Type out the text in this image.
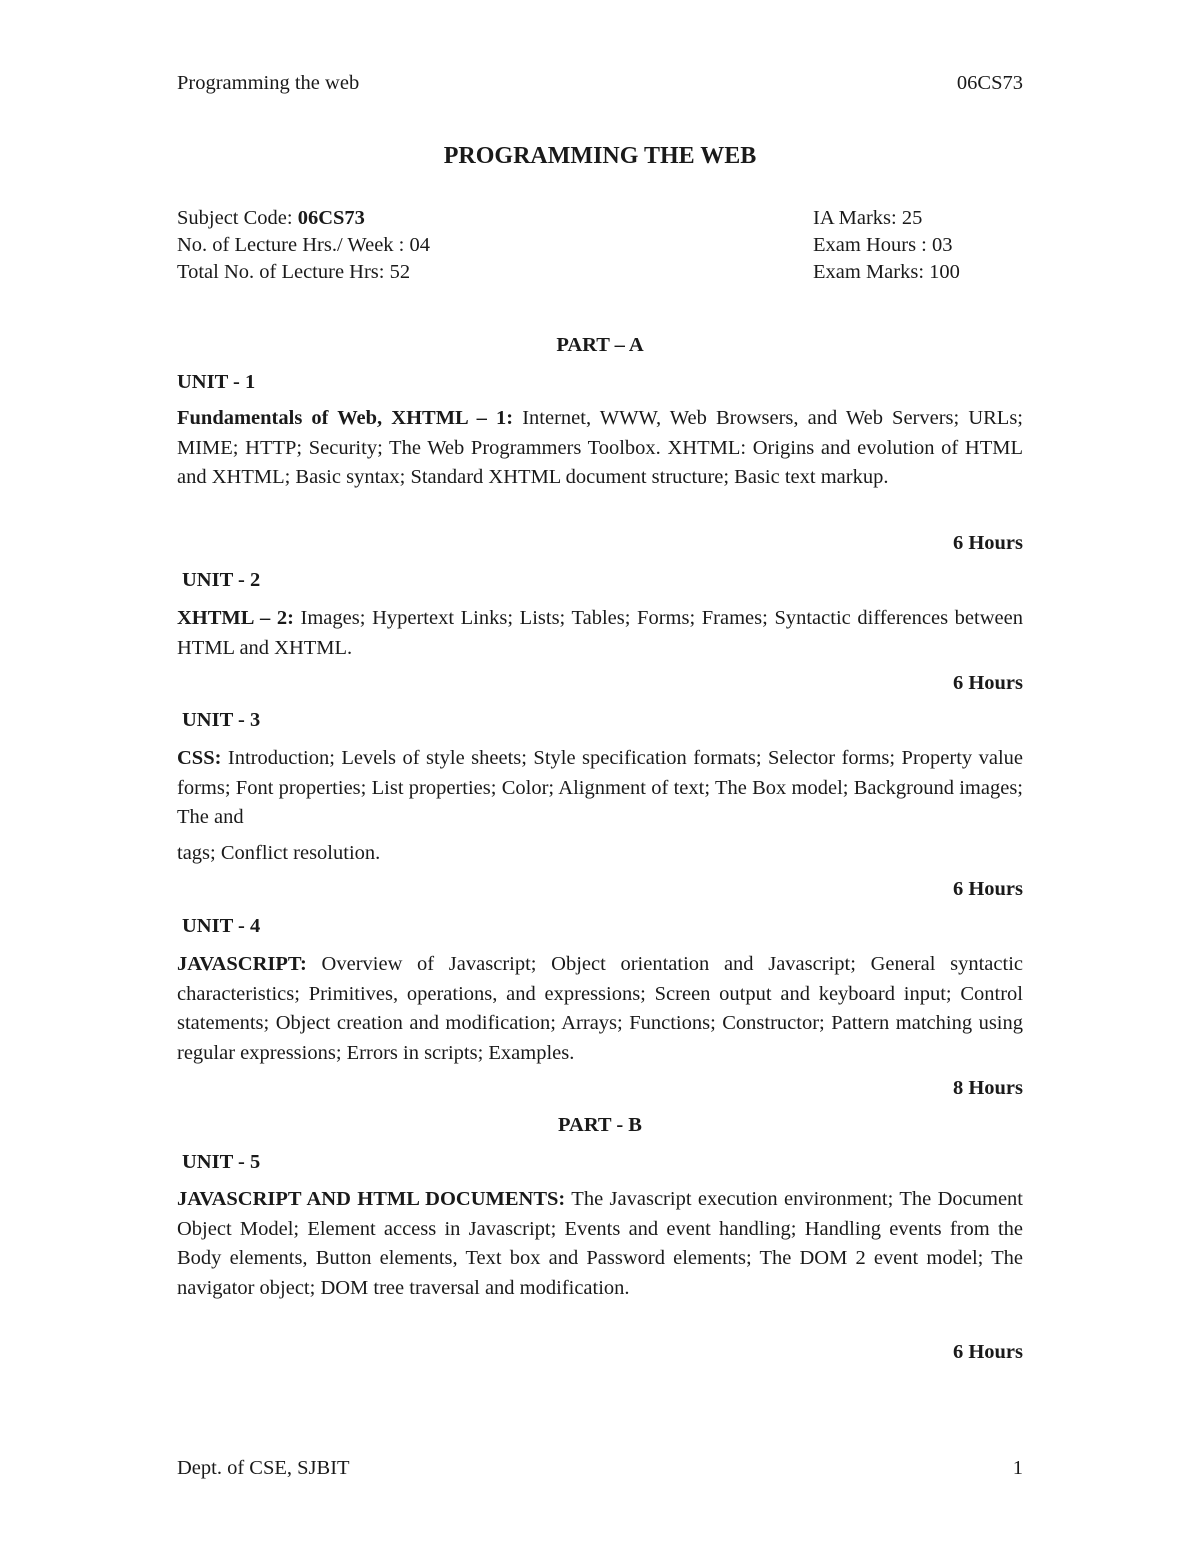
Programming the web	06CS73
PROGRAMMING THE WEB
Subject Code: 06CS73
No. of Lecture Hrs./ Week : 04
Total No. of Lecture Hrs: 52
IA Marks: 25
Exam Hours : 03
Exam Marks: 100
PART – A
UNIT - 1
Fundamentals of Web, XHTML – 1: Internet, WWW, Web Browsers, and Web Servers; URLs; MIME; HTTP; Security; The Web Programmers Toolbox. XHTML: Origins and evolution of HTML and XHTML; Basic syntax; Standard XHTML document structure; Basic text markup.
6 Hours
UNIT - 2
XHTML – 2: Images; Hypertext Links; Lists; Tables; Forms; Frames; Syntactic differences between HTML and XHTML.
6 Hours
UNIT - 3
CSS: Introduction; Levels of style sheets; Style specification formats; Selector forms; Property value forms; Font properties; List properties; Color; Alignment of text; The Box model; Background images; The and
tags; Conflict resolution.
6 Hours
UNIT - 4
JAVASCRIPT: Overview of Javascript; Object orientation and Javascript; General syntactic characteristics; Primitives, operations, and expressions; Screen output and keyboard input; Control statements; Object creation and modification; Arrays; Functions; Constructor; Pattern matching using regular expressions; Errors in scripts; Examples.
8 Hours
PART - B
UNIT - 5
JAVASCRIPT AND HTML DOCUMENTS: The Javascript execution environment; The Document Object Model; Element access in Javascript; Events and event handling; Handling events from the Body elements, Button elements, Text box and Password elements; The DOM 2 event model; The navigator object; DOM tree traversal and modification.
6 Hours
Dept. of CSE, SJBIT	1
